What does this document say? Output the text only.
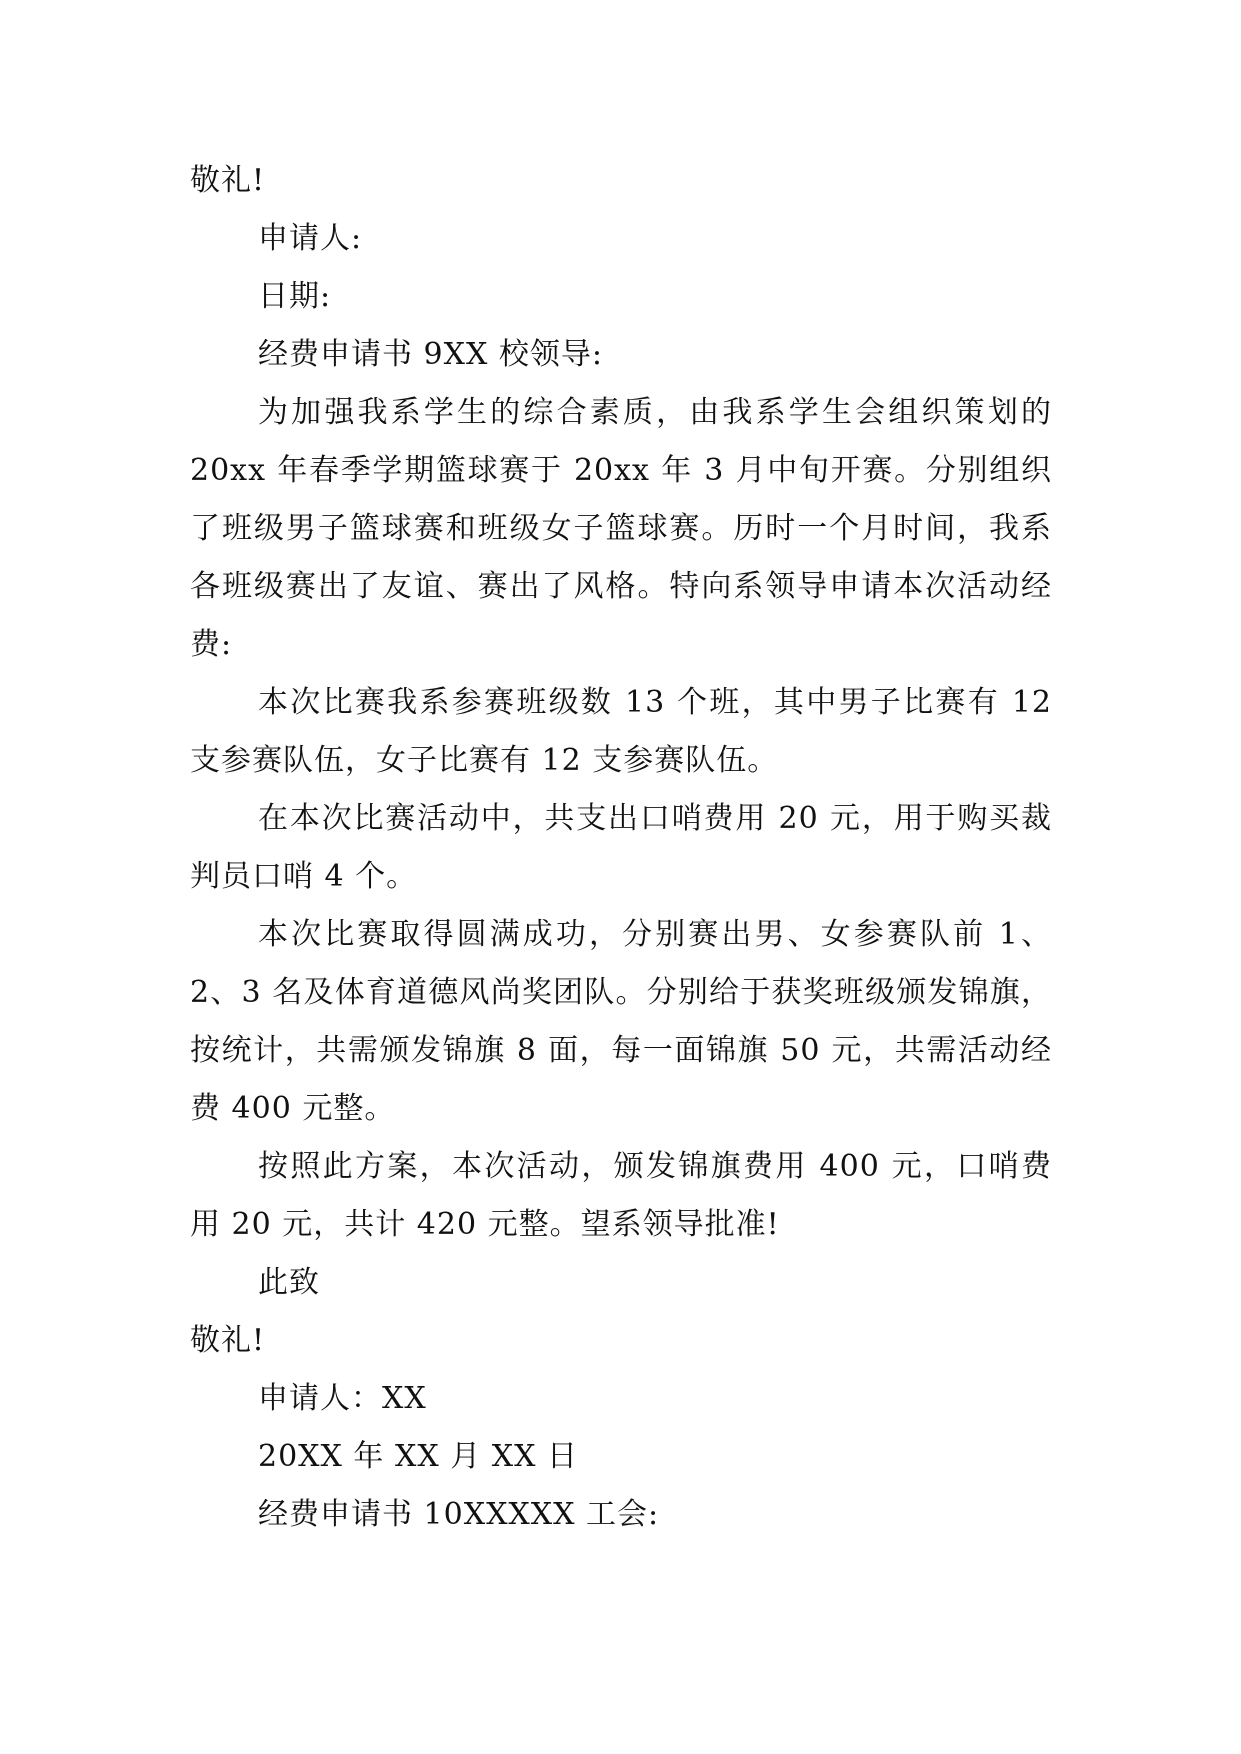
敬礼!

申请人:

日期:

经费申请书 9XX 校领导:

为加强我系学生的综合素质，由我系学生会组织策划的20xx 年春季学期篮球赛于 20xx 年 3 月中旬开赛。分别组织了班级男子篮球赛和班级女子篮球赛。历时一个月时间，我系各班级赛出了友谊、赛出了风格。特向系领导申请本次活动经费:

本次比赛我系参赛班级数 13 个班，其中男子比赛有 12 支参赛队伍，女子比赛有 12 支参赛队伍。

在本次比赛活动中，共支出口哨费用 20 元，用于购买裁判员口哨 4 个。

本次比赛取得圆满成功，分别赛出男、女参赛队前 1、2、3 名及体育道德风尚奖团队。分别给于获奖班级颁发锦旗，按统计，共需颁发锦旗 8 面，每一面锦旗 50 元，共需活动经费 400 元整。

按照此方案，本次活动，颁发锦旗费用 400 元，口哨费用 20 元，共计 420 元整。望系领导批准!

此致

敬礼!

申请人：XX

20XX 年 XX 月 XX 日

经费申请书 10XXXXX 工会:
